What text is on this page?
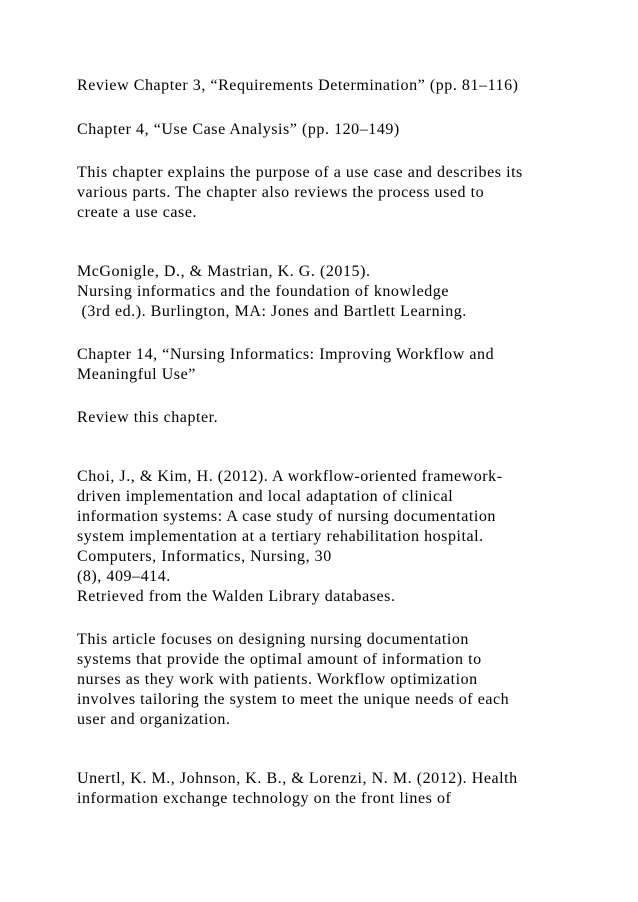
Review Chapter 3, “Requirements Determination” (pp. 81–116)
Chapter 4, “Use Case Analysis” (pp. 120–149)
This chapter explains the purpose of a use case and describes its
various parts. The chapter also reviews the process used to
create a use case.
McGonigle, D., & Mastrian, K. G. (2015).
Nursing informatics and the foundation of knowledge
(3rd ed.). Burlington, MA: Jones and Bartlett Learning.
Chapter 14, “Nursing Informatics: Improving Workflow and
Meaningful Use”
Review this chapter.
Choi, J., & Kim, H. (2012). A workflow-oriented framework-
driven implementation and local adaptation of clinical
information systems: A case study of nursing documentation
system implementation at a tertiary rehabilitation hospital.
Computers, Informatics, Nursing, 30
(8), 409–414.
Retrieved from the Walden Library databases.
This article focuses on designing nursing documentation
systems that provide the optimal amount of information to
nurses as they work with patients. Workflow optimization
involves tailoring the system to meet the unique needs of each
user and organization.
Unertl, K. M., Johnson, K. B., & Lorenzi, N. M. (2012). Health
information exchange technology on the front lines of
